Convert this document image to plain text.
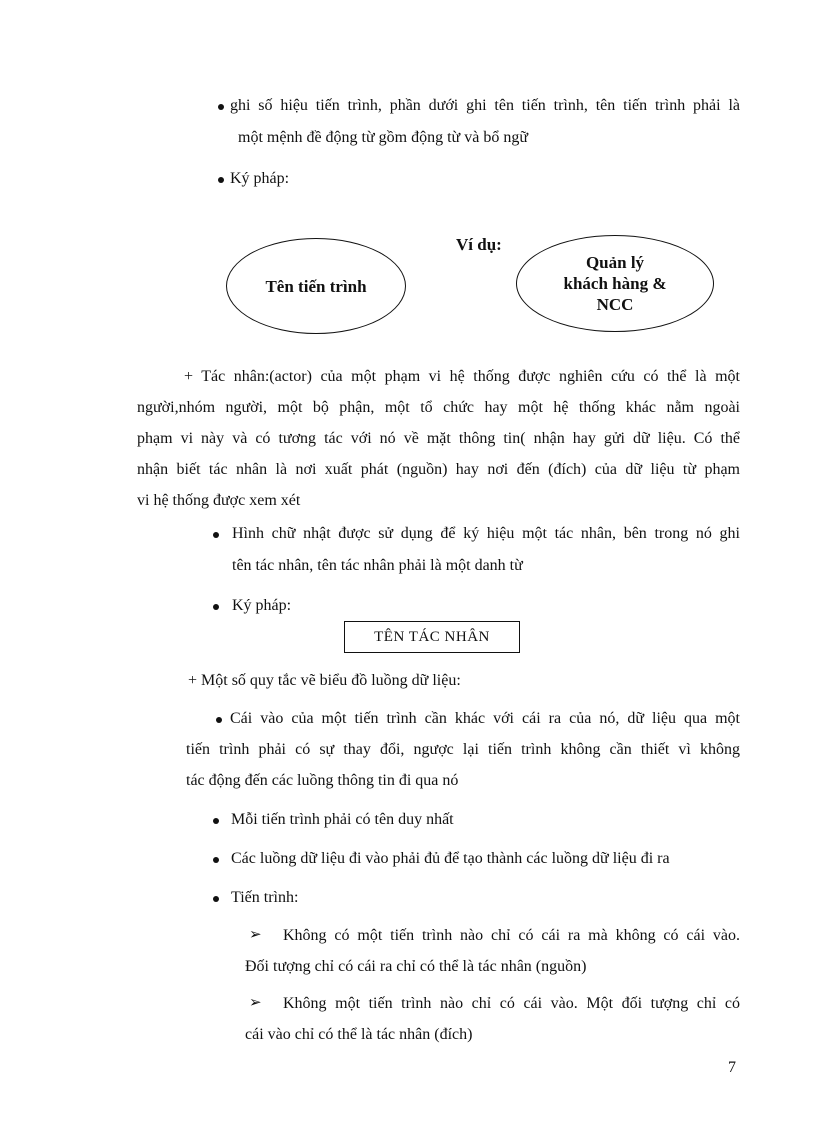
ghi số hiệu tiến trình, phần dưới ghi tên tiến trình, tên tiến trình phải là
một mệnh đề động từ gồm động từ và bổ ngữ
Ký pháp:
Ví dụ:
Tên tiến trình
Quản lý
khách hàng &
NCC
+ Tác nhân:(actor) của một phạm vi hệ thống được nghiên cứu có thể là một
người,nhóm người, một bộ phận, một tổ chức hay một hệ thống khác nằm ngoài
phạm vi này và có tương tác với nó về mặt thông tin( nhận hay gửi dữ liệu. Có thể
nhận biết tác nhân là nơi xuất phát (nguồn) hay nơi đến (đích) của dữ liệu từ phạm
vi hệ thống được xem xét
Hình chữ nhật được sử dụng để ký hiệu một tác nhân, bên trong nó ghi
tên tác nhân, tên tác nhân phải là một danh từ
Ký pháp:
TÊN TÁC NHÂN
+ Một số quy tắc vẽ biểu đồ luồng dữ liệu:
Cái vào của một tiến trình cần khác với cái ra của nó, dữ liệu qua một
tiến trình phải có sự thay đổi, ngược lại tiến trình không cần thiết vì không
tác động đến các luồng thông tin đi qua nó
Mỗi tiến trình phải có tên duy nhất
Các luồng dữ liệu đi vào phải đủ để tạo thành các luồng dữ liệu đi ra
Tiến trình:
➢ Không có một tiến trình nào chỉ có cái ra mà không có cái vào.
Đối tượng chỉ có cái ra chỉ có thể là tác nhân (nguồn)
➢ Không một tiến trình nào chỉ có cái vào. Một đối tượng chỉ có
cái vào chỉ có thể là tác nhân (đích)
7
